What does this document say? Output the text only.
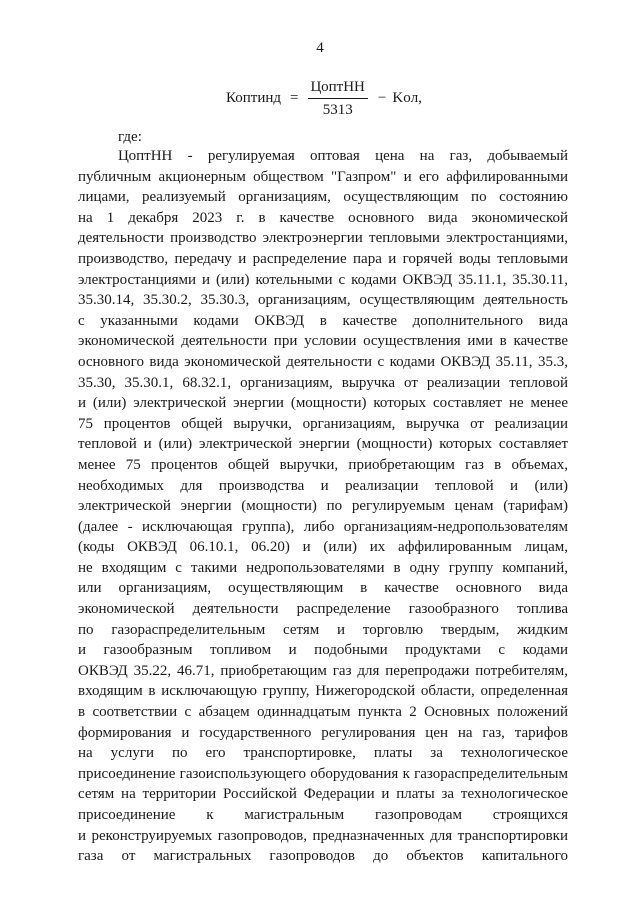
4
Коптинд = $\frac{\text{ЦоптНН}}{5313}$ − Koл,
где:
ЦоптНН - регулируемая оптовая цена на газ, добываемый
публичным акционерным обществом "Газпром" и его аффилированными
лицами, реализуемый организациям, осуществляющим по состоянию
на 1 декабря 2023 г. в качестве основного вида экономической
деятельности производство электроэнергии тепловыми электростанциями,
производство, передачу и распределение пара и горячей воды тепловыми
электростанциями и (или) котельными с кодами ОКВЭД 35.11.1, 35.30.11,
35.30.14, 35.30.2, 35.30.3, организациям, осуществляющим деятельность
с указанными кодами ОКВЭД в качестве дополнительного вида
экономической деятельности при условии осуществления ими в качестве
основного вида экономической деятельности с кодами ОКВЭД 35.11, 35.3,
35.30, 35.30.1, 68.32.1, организациям, выручка от реализации тепловой
и (или) электрической энергии (мощности) которых составляет не менее
75 процентов общей выручки, организациям, выручка от реализации
тепловой и (или) электрической энергии (мощности) которых составляет
менее 75 процентов общей выручки, приобретающим газ в объемах,
необходимых для производства и реализации тепловой и (или)
электрической энергии (мощности) по регулируемым ценам (тарифам)
(далее - исключающая группа), либо организациям-недропользователям
(коды ОКВЭД 06.10.1, 06.20) и (или) их аффилированным лицам,
не входящим с такими недропользователями в одну группу компаний,
или организациям, осуществляющим в качестве основного вида
экономической деятельности распределение газообразного топлива
по газораспределительным сетям и торговлю твердым, жидким
и газообразным топливом и подобными продуктами с кодами
ОКВЭД 35.22, 46.71, приобретающим газ для перепродажи потребителям,
входящим в исключающую группу, Нижегородской области, определенная
в соответствии с абзацем одиннадцатым пункта 2 Основных положений
формирования и государственного регулирования цен на газ, тарифов
на услуги по его транспортировке, платы за технологическое
присоединение газоиспользующего оборудования к газораспределительным
сетям на территории Российской Федерации и платы за технологическое
присоединение к магистральным газопроводам строящихся
и реконструируемых газопроводов, предназначенных для транспортировки
газа от магистральных газопроводов до объектов капитального
